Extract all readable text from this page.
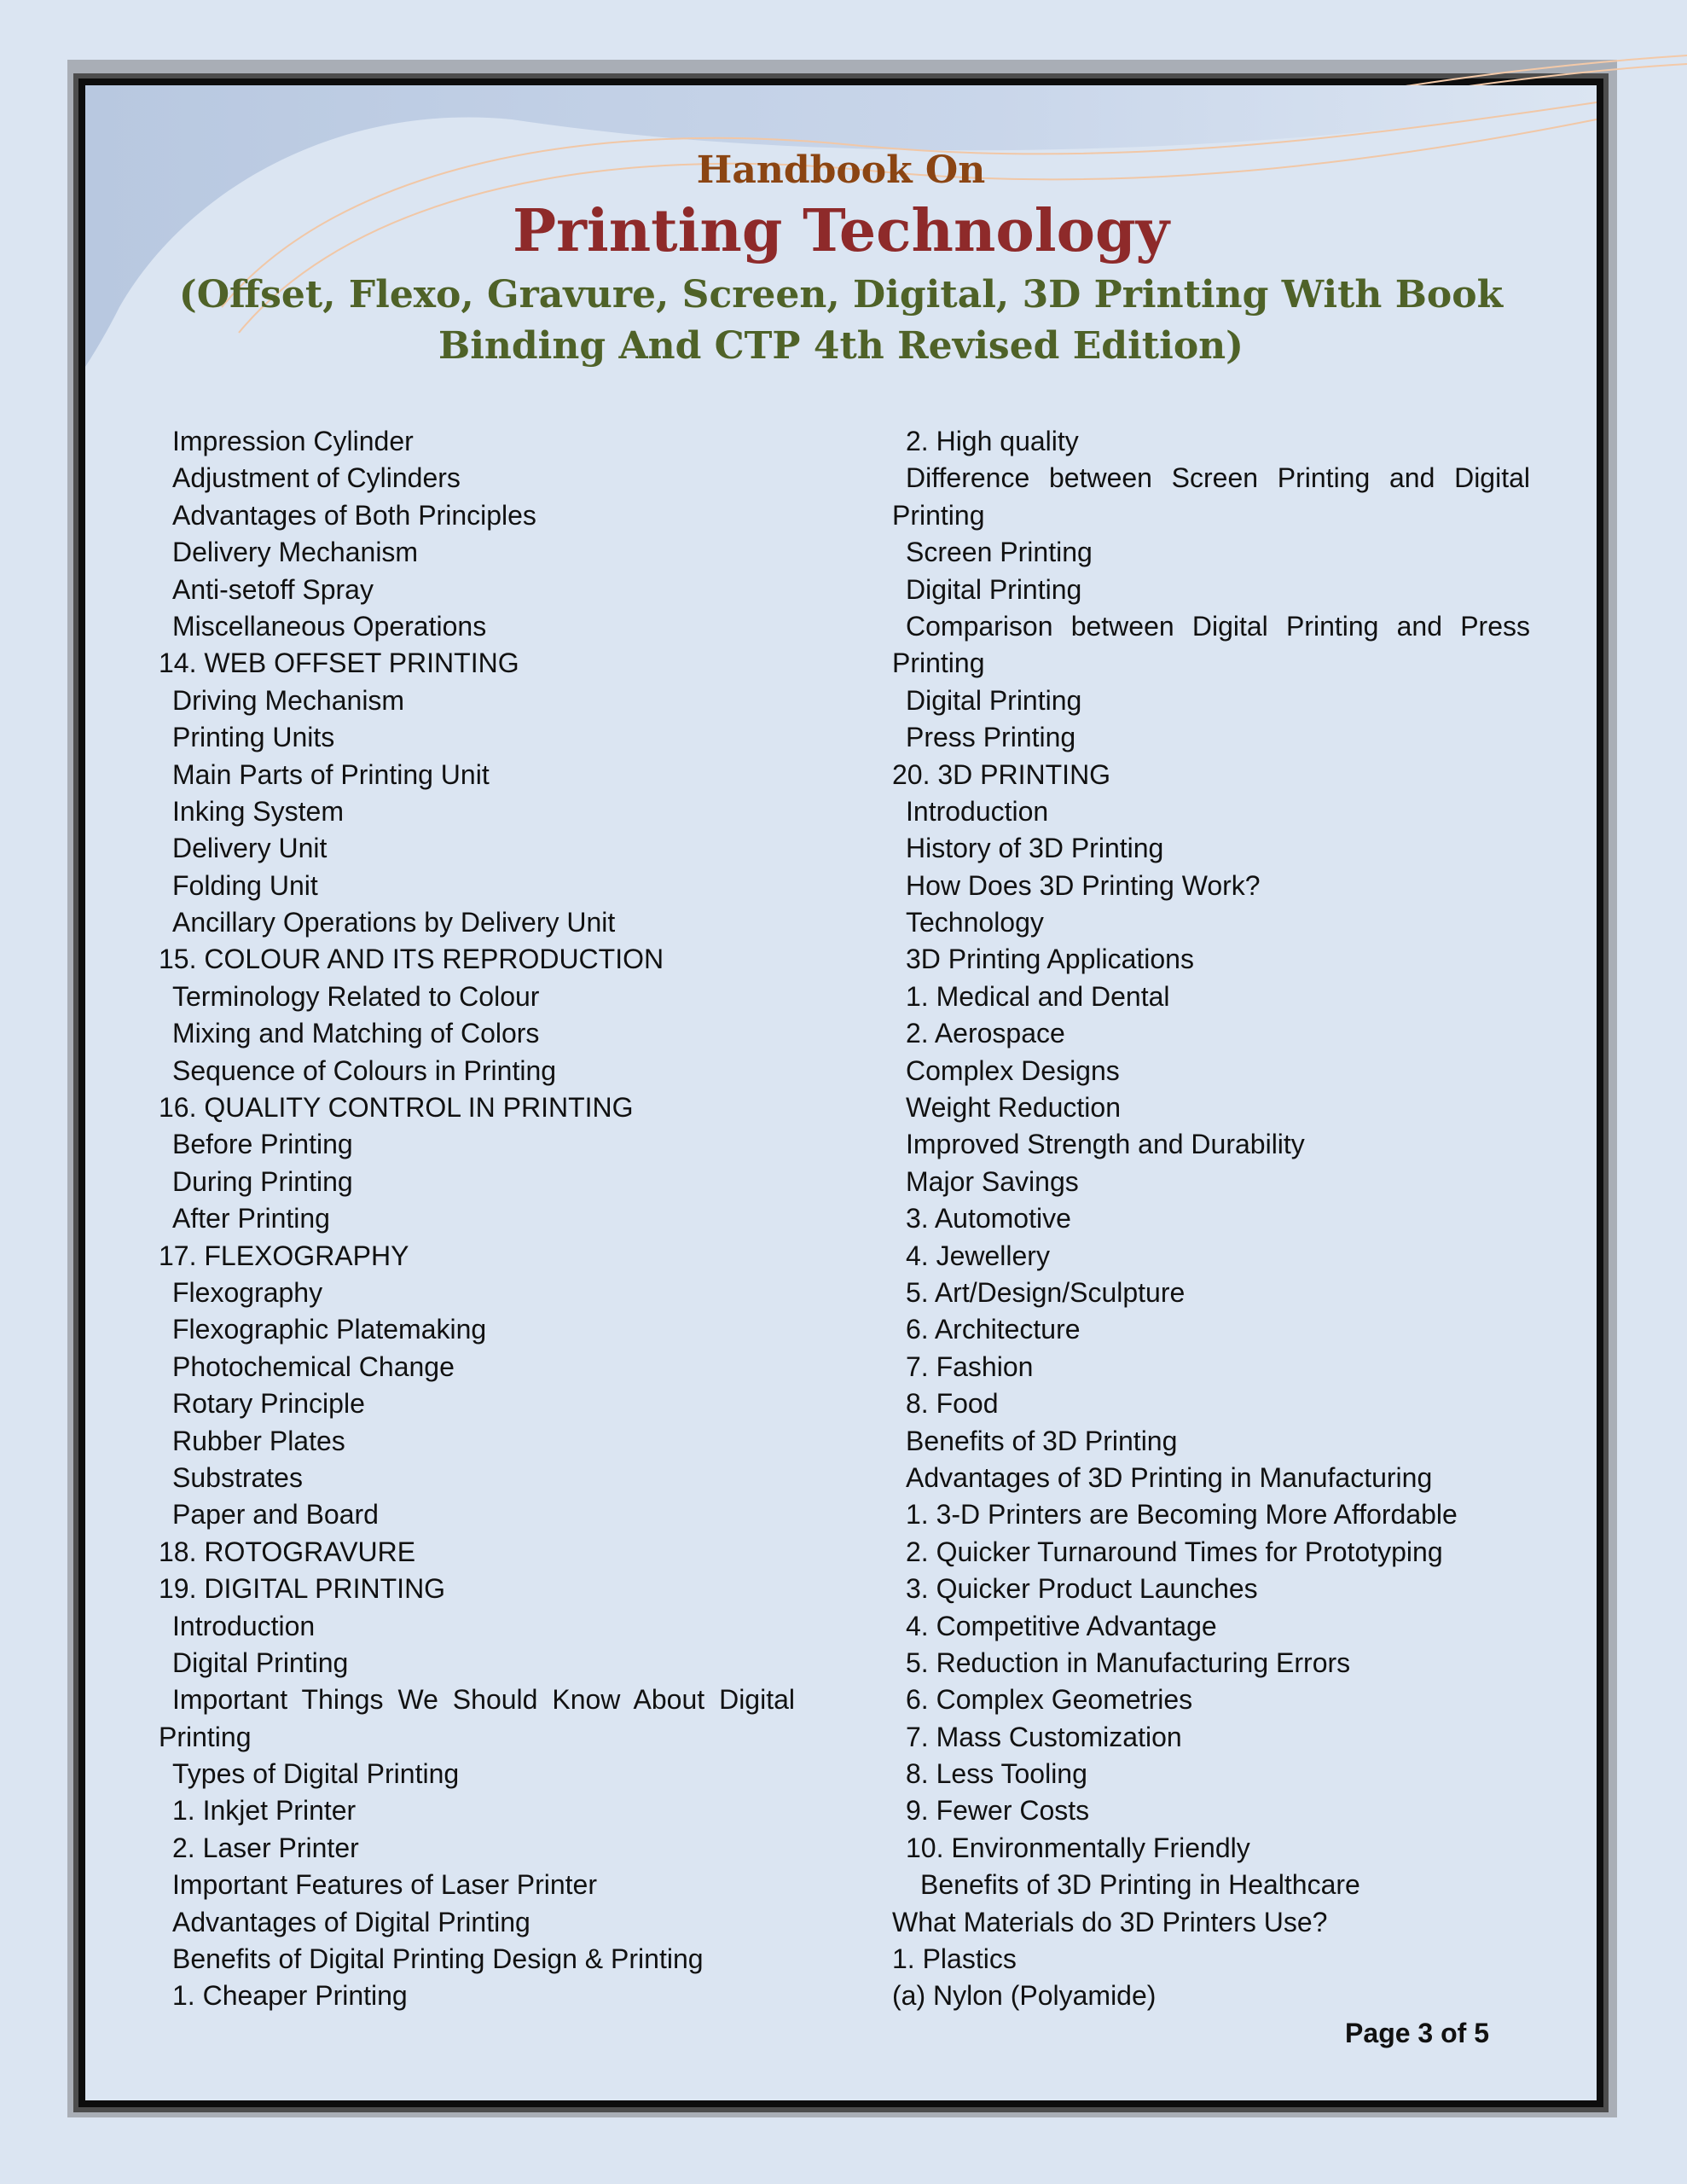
Handbook On
Printing Technology
(Offset, Flexo, Gravure, Screen, Digital, 3D Printing With Book
Binding And CTP 4th Revised Edition)
Impression Cylinder
Adjustment of Cylinders
Advantages of Both Principles
Delivery Mechanism
Anti-setoff Spray
Miscellaneous Operations
14. WEB OFFSET PRINTING
Driving Mechanism
Printing Units
Main Parts of Printing Unit
Inking System
Delivery Unit
Folding Unit
Ancillary Operations by Delivery Unit
15. COLOUR AND ITS REPRODUCTION
Terminology Related to Colour
Mixing and Matching of Colors
Sequence of Colours in Printing
16. QUALITY CONTROL IN PRINTING
Before Printing
During Printing
After Printing
17. FLEXOGRAPHY
Flexography
Flexographic Platemaking
Photochemical Change
Rotary Principle
Rubber Plates
Substrates
Paper and Board
18. ROTOGRAVURE
19. DIGITAL PRINTING
Introduction
Digital Printing
Important Things We Should Know About Digital
Printing
Types of Digital Printing
1. Inkjet Printer
2. Laser Printer
Important Features of Laser Printer
Advantages of Digital Printing
Benefits of Digital Printing Design & Printing
1. Cheaper Printing
2. High quality
Difference between Screen Printing and Digital
Printing
Screen Printing
Digital Printing
Comparison between Digital Printing and Press
Printing
Digital Printing
Press Printing
20. 3D PRINTING
Introduction
History of 3D Printing
How Does 3D Printing Work?
Technology
3D Printing Applications
1. Medical and Dental
2. Aerospace
Complex Designs
Weight Reduction
Improved Strength and Durability
Major Savings
3. Automotive
4. Jewellery
5. Art/Design/Sculpture
6. Architecture
7. Fashion
8. Food
Benefits of 3D Printing
Advantages of 3D Printing in Manufacturing
1. 3-D Printers are Becoming More Affordable
2. Quicker Turnaround Times for Prototyping
3. Quicker Product Launches
4. Competitive Advantage
5. Reduction in Manufacturing Errors
6. Complex Geometries
7. Mass Customization
8. Less Tooling
9. Fewer Costs
10. Environmentally Friendly
Benefits of 3D Printing in Healthcare
What Materials do 3D Printers Use?
1. Plastics
(a) Nylon (Polyamide)
Page 3 of 5
